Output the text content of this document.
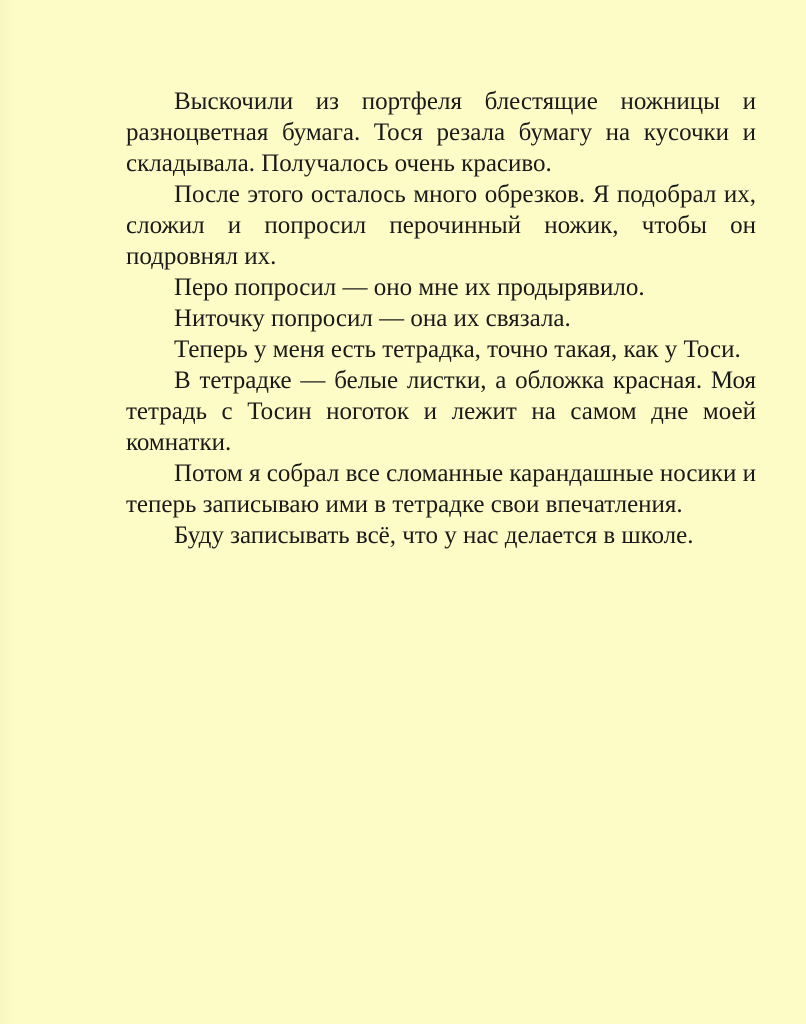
Выскочили из портфеля блестящие ножницы и разноцветная бумага. Тося резала бумагу на кусочки и складывала. Получалось очень красиво.

После этого осталось много обрезков. Я подобрал их, сложил и попросил перочинный ножик, чтобы он подровнял их.

Перо попросил — оно мне их продырявило.

Ниточку попросил — она их связала.

Теперь у меня есть тетрадка, точно такая, как у Тоси.

В тетрадке — белые листки, а обложка красная. Моя тетрадь с Тосин ноготок и лежит на самом дне моей комнатки.

Потом я собрал все сломанные карандашные носики и теперь записываю ими в тетрадке свои впечатления.

Буду записывать всё, что у нас делается в школе.
